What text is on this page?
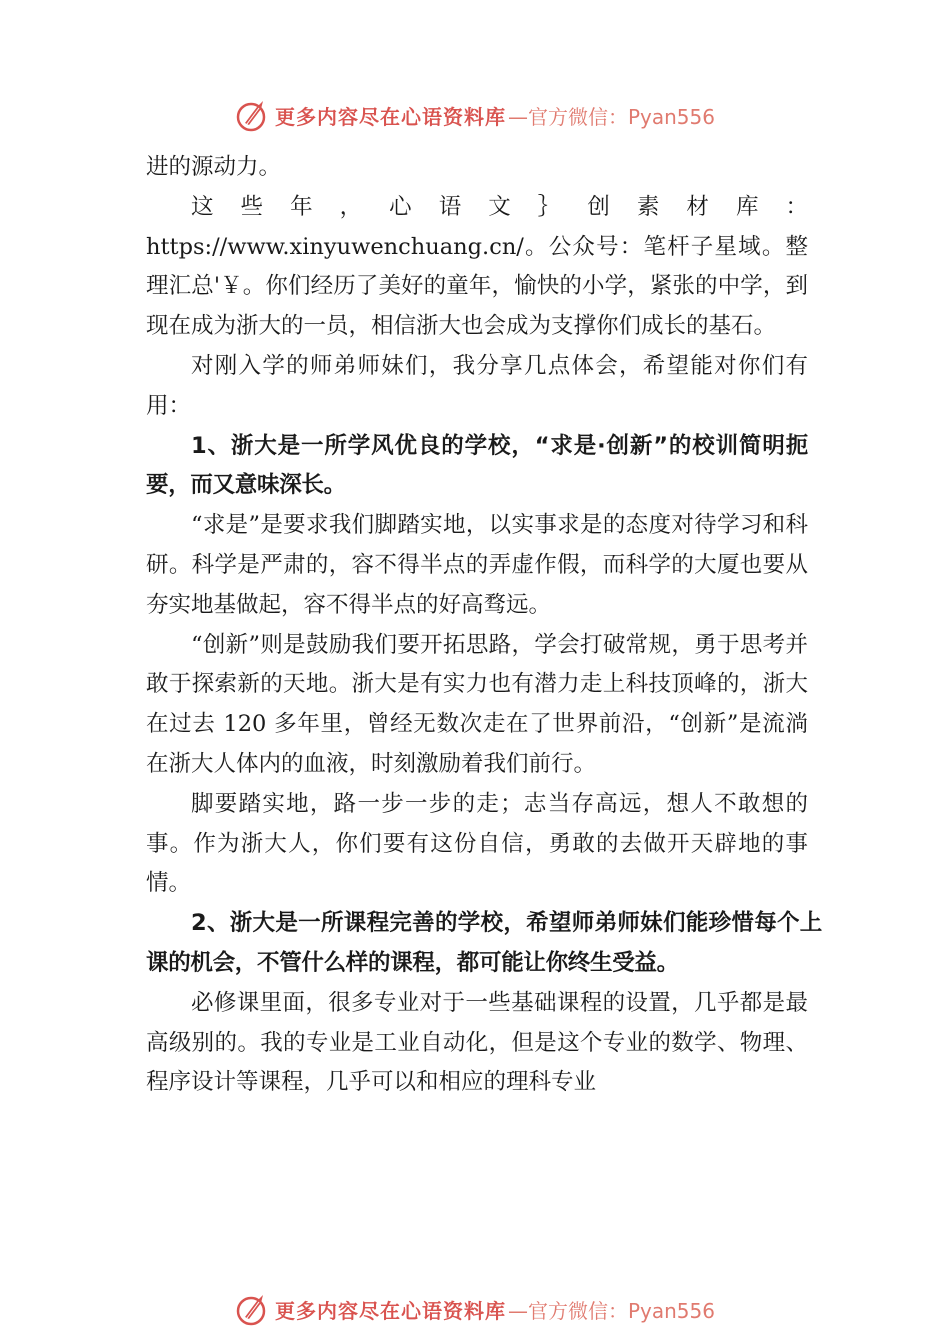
更多内容尽在心语资料库 —官方微信：Pyan556

进的源动力。

这 些 年 ， 心 语 文 ｝ 创 素 材 库 ： https://www.xinyuwenchuang.cn/。公众号：笔杆子星域。整理汇总'￥。你们经历了美好的童年，愉快的小学，紧张的中学，到现在成为浙大的一员，相信浙大也会成为支撑你们成长的基石。

对刚入学的师弟师妹们，我分享几点体会，希望能对你们有用：

1、浙大是一所学风优良的学校，“求是·创新”的校训简明扼要，而又意味深长。

“求是”是要求我们脚踏实地，以实事求是的态度对待学习和科研。科学是严肃的，容不得半点的弄虚作假，而科学的大厦也要从夯实地基做起，容不得半点的好高骛远。

“创新”则是鼓励我们要开拓思路，学会打破常规，勇于思考并敢于探索新的天地。浙大是有实力也有潜力走上科技顶峰的，浙大在过去 120 多年里，曾经无数次走在了世界前沿，“创新”是流淌在浙大人体内的血液，时刻激励着我们前行。

脚要踏实地，路一步一步的走；志当存高远，想人不敢想的事。作为浙大人，你们要有这份自信，勇敢的去做开天辟地的事情。

2、浙大是一所课程完善的学校，希望师弟师妹们能珍惜每个上课的机会，不管什么样的课程，都可能让你终生受益。

必修课里面，很多专业对于一些基础课程的设置，几乎都是最高级别的。我的专业是工业自动化，但是这个专业的数学、物理、程序设计等课程，几乎可以和相应的理科专业

更多内容尽在心语资料库 —官方微信：Pyan556
